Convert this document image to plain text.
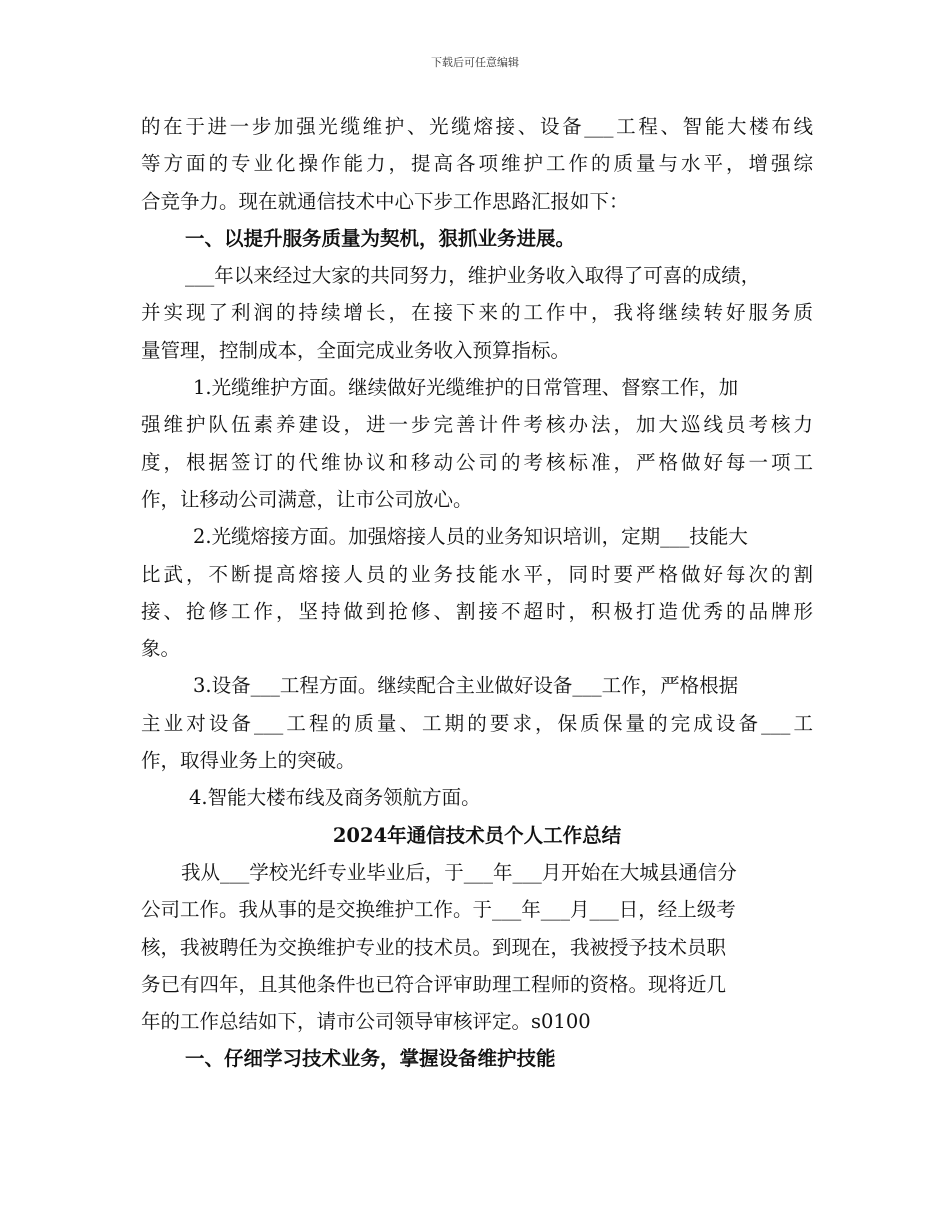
下载后可任意编辑
的在于进一步加强光缆维护、光缆熔接、设备___工程、智能大楼布线
等方面的专业化操作能力，提高各项维护工作的质量与水平，增强综
合竞争力。现在就通信技术中心下步工作思路汇报如下：
一、以提升服务质量为契机，狠抓业务进展。
___年以来经过大家的共同努力，维护业务收入取得了可喜的成绩，
并实现了利润的持续增长，在接下来的工作中，我将继续转好服务质
量管理，控制成本，全面完成业务收入预算指标。
1.光缆维护方面。继续做好光缆维护的日常管理、督察工作，加
强维护队伍素养建设，进一步完善计件考核办法，加大巡线员考核力
度，根据签订的代维协议和移动公司的考核标准，严格做好每一项工
作，让移动公司满意，让市公司放心。
2.光缆熔接方面。加强熔接人员的业务知识培训，定期___技能大
比武，不断提高熔接人员的业务技能水平，同时要严格做好每次的割
接、抢修工作，坚持做到抢修、割接不超时，积极打造优秀的品牌形
象。
3.设备___工程方面。继续配合主业做好设备___工作，严格根据
主业对设备___工程的质量、工期的要求，保质保量的完成设备___工
作，取得业务上的突破。
4.智能大楼布线及商务领航方面。
2024年通信技术员个人工作总结
我从___学校光纤专业毕业后，于___年___月开始在大城县通信分
公司工作。我从事的是交换维护工作。于___年___月___日，经上级考
核，我被聘任为交换维护专业的技术员。到现在，我被授予技术员职
务已有四年，且其他条件也已符合评审助理工程师的资格。现将近几
年的工作总结如下，请市公司领导审核评定。s0100
一、仔细学习技术业务，掌握设备维护技能
